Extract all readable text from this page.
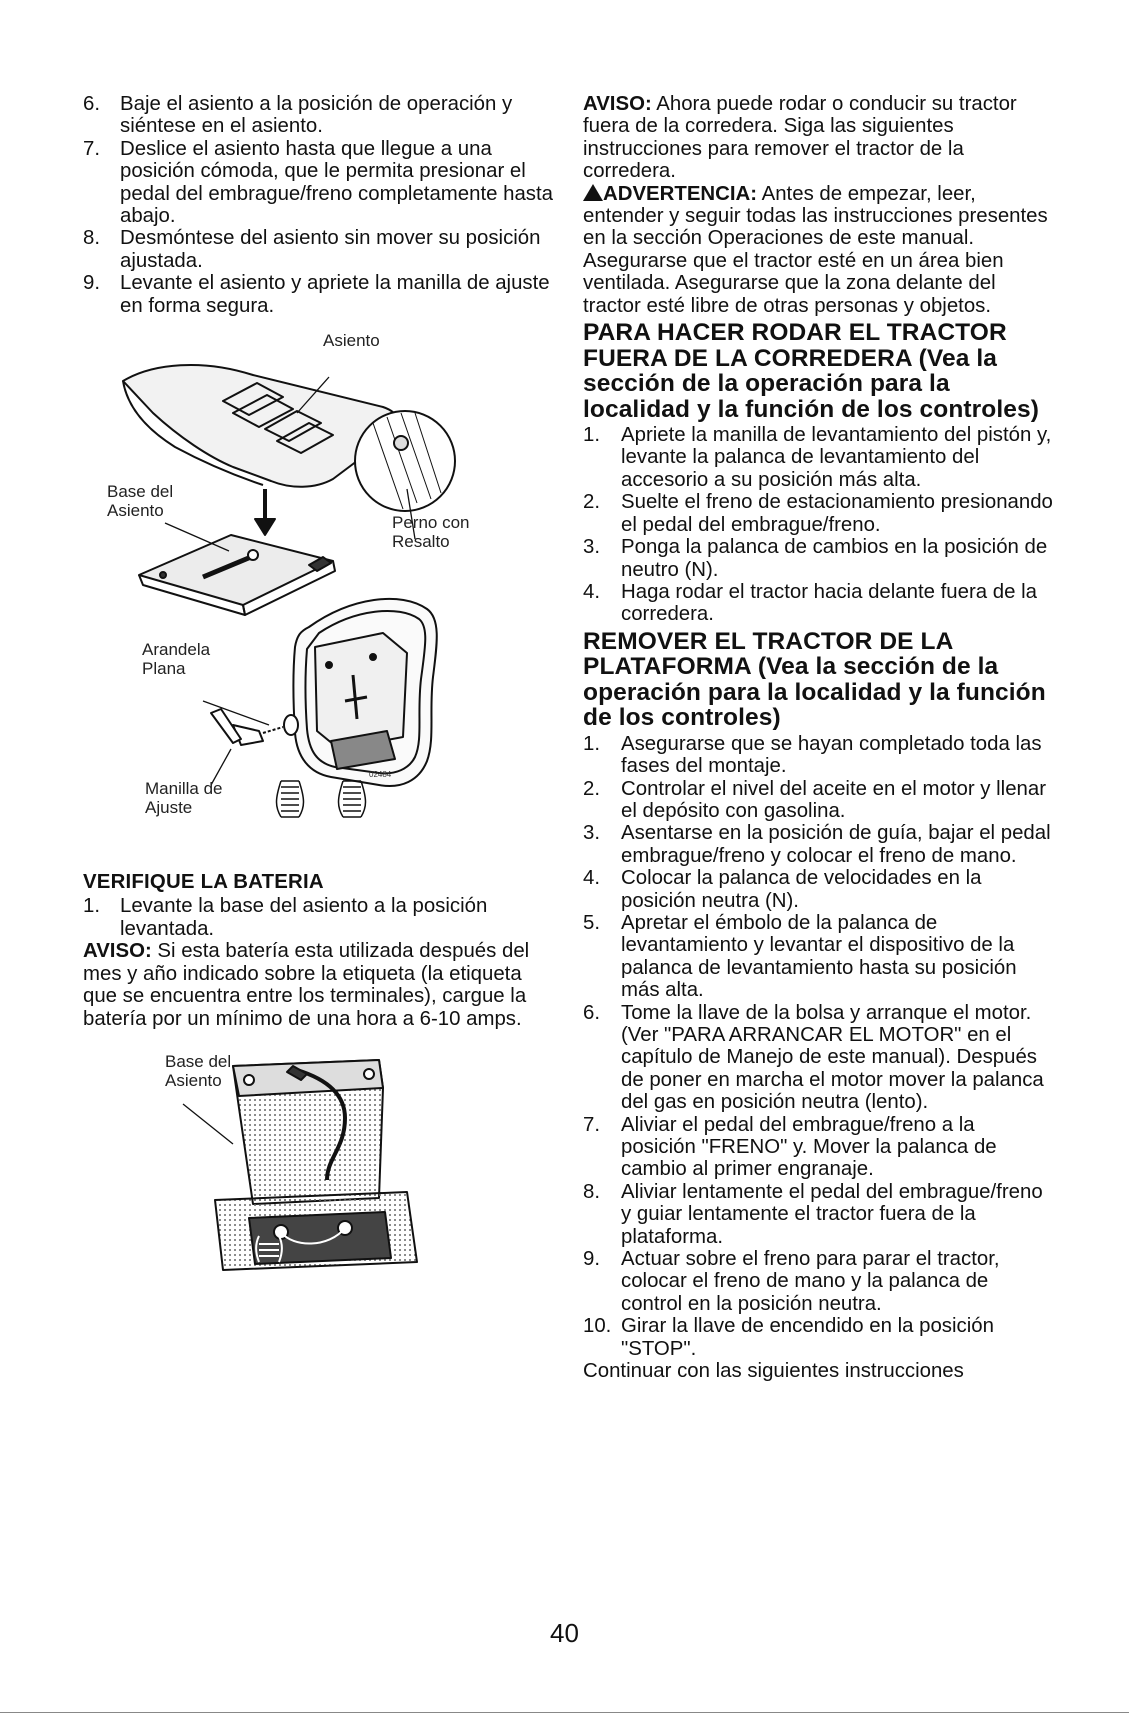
6. Baje el asiento a la posición de operación y siéntese en el asiento.
7. Deslice el asiento hasta que llegue a una posición cómoda, que le permita presionar el pedal del embrague/freno completamente hasta abajo.
8. Desmóntese del asiento sin mover su posición ajustada.
9. Levante el asiento y apriete la manilla de ajuste en forma segura.
02484
Asiento
Base del
Asiento
Perno con
Resalto
Arandela
Plana
Manilla de
Ajuste
VERIFIQUE LA BATERIA
1. Levante la base del asiento a la posición levantada.

AVISO: Si esta batería esta utilizada después del mes y año indicado sobre la etiqueta (la etiqueta que se encuentra entre los terminales), cargue la batería por un mínimo de una hora a 6-10 amps.

Base del
Asiento

AVISO: Ahora puede rodar o conducir su tractor fuera de la corredera. Siga las siguientes instrucciones para remover el tractor de la corredera.

ADVERTENCIA: Antes de empezar, leer, entender y seguir todas las instrucciones presentes en la sección Operaciones de este manual. Asegurarse que el tractor esté en un área bien ventilada. Asegurarse que la zona delante del tractor esté libre de otras personas y objetos.

PARA HACER RODAR EL TRACTOR FUERA DE LA CORREDERA (Vea la sección de la operación para la localidad y la función de los controles)
1.	Apriete la manilla de levantamiento del pistón y, levante la palanca de levantamiento del accesorio a su posición más alta.
2.	Suelte el freno de estacionamiento presionando el pedal del embrague/freno.
3.	Ponga la palanca de cambios en la posición de neutro (N).
4.	Haga rodar el tractor hacia delante fuera de la corredera.
REMOVER EL TRACTOR DE LA PLATAFORMA (Vea la sección de la operación para la localidad y la función de los controles)
1.	Asegurarse que se hayan completado toda las fases del montaje.
2.	Controlar el nivel del aceite en el motor y llenar el depósito con gasolina.
3.	Asentarse en la posición de guía, bajar el pedal embrague/freno y colocar el freno de mano.
4.	Colocar la palanca de velocidades en la posición neutra (N).
5.	Apretar el émbolo de la palanca de levantamiento y levantar el dispositivo de la palanca de levantamiento hasta su posición más alta.
6.	Tome la llave de la bolsa y arranque el motor. (Ver "PARA ARRANCAR EL MOTOR" en el capítulo de Manejo de este manual). Después de poner en marcha el motor mover la palanca del gas en posición neutra (lento).
7.	Aliviar el pedal del embrague/freno a la posición "FRENO" y. Mover la palanca de cambio al primer engranaje.
8.	Aliviar lentamente el pedal del embrague/freno y guiar lentamente el tractor fuera de la plataforma.
9.	Actuar sobre el freno para parar el tractor, colocar el freno de mano y la palanca de control en la posición neutra.
10. Girar la llave de encendido en la posición "STOP".

Continuar con las siguientes instrucciones

40
